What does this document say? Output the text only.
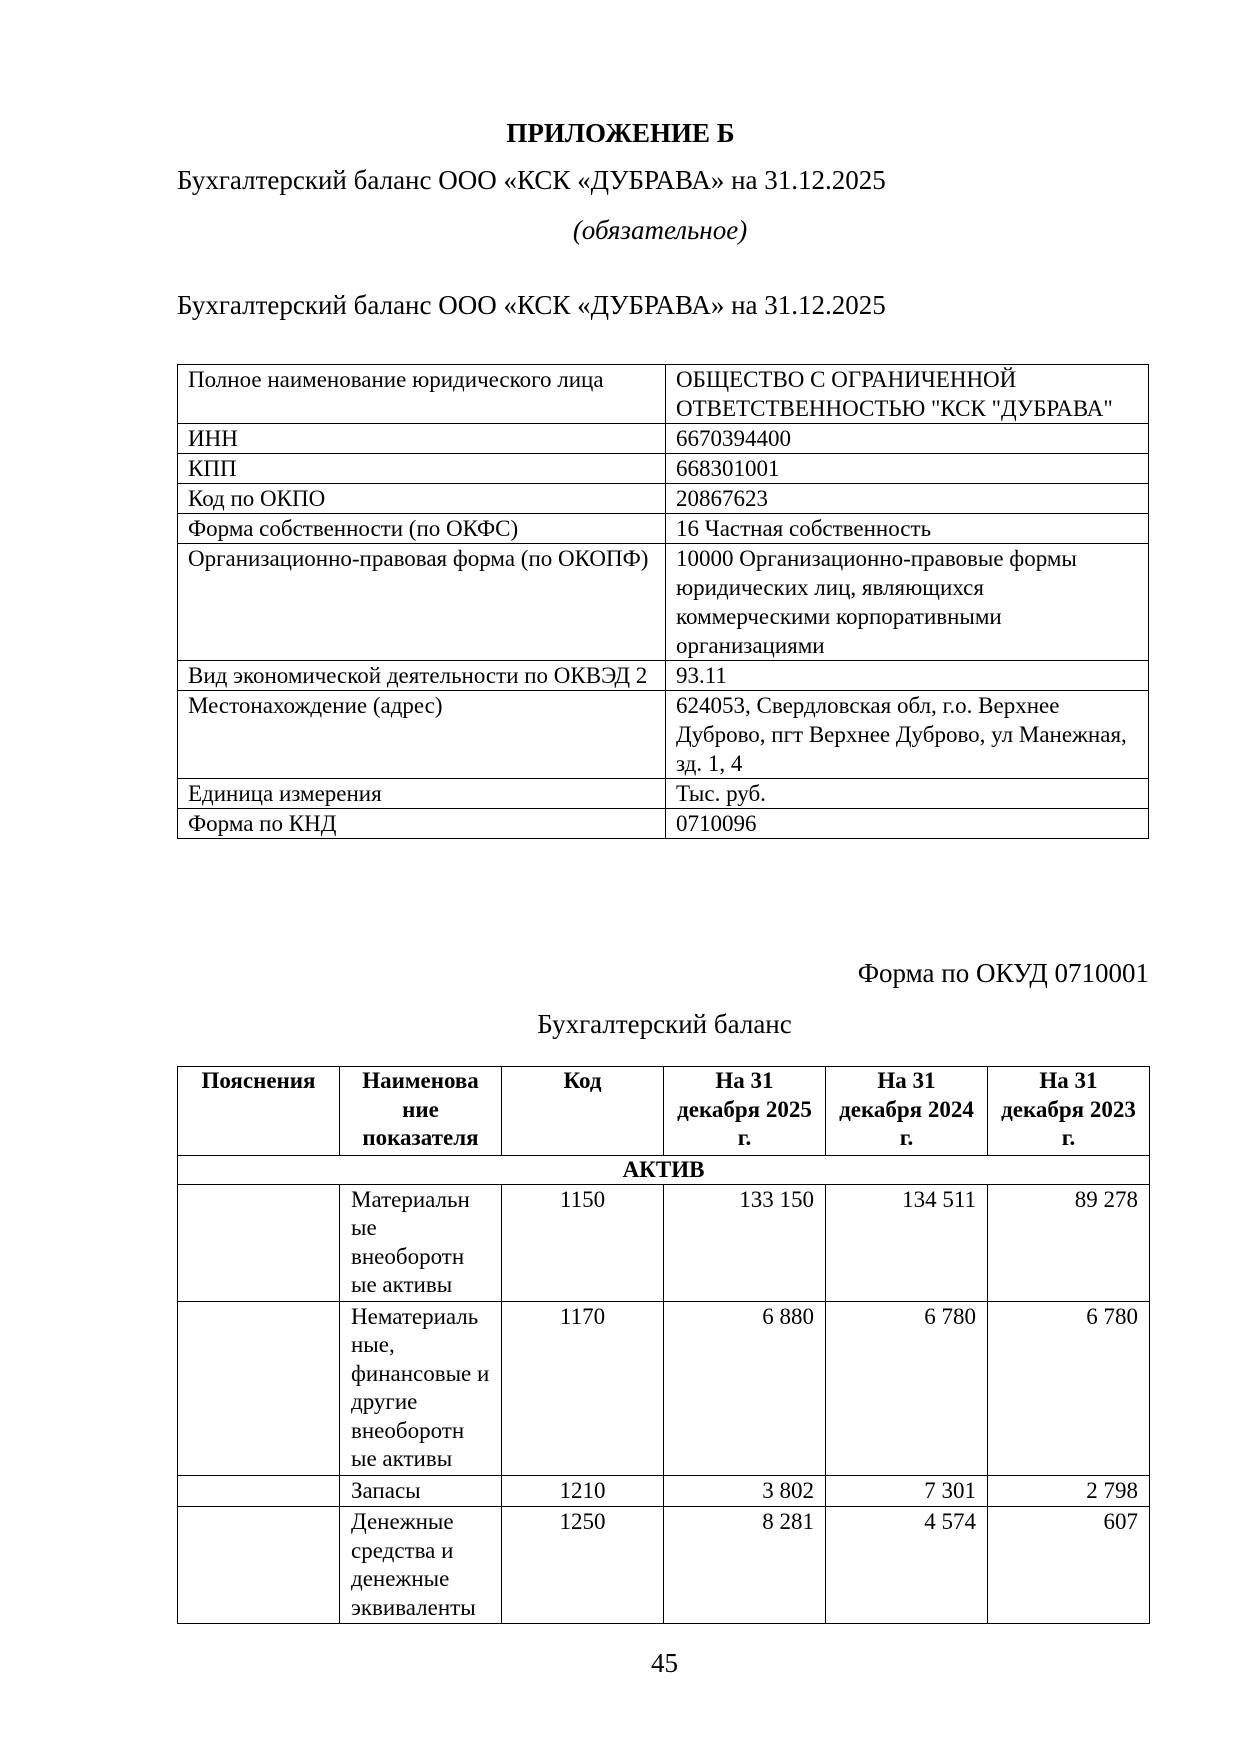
ПРИЛОЖЕНИЕ Б

Бухгалтерский баланс ООО «КСК «ДУБРАВА» на 31.12.2025

(обязательное)

Бухгалтерский баланс ООО «КСК «ДУБРАВА» на 31.12.2025

Полное наименование юридического лица	ОБЩЕСТВО С ОГРАНИЧЕННОЙ ОТВЕТСТВЕННОСТЬЮ "КСК "ДУБРАВА"
ИНН	6670394400
КПП	668301001
Код по ОКПО	20867623
Форма собственности (по ОКФС)	16 Частная собственность
Организационно-правовая форма (по ОКОПФ)	10000 Организационно-правовые формы юридических лиц, являющихся коммерческими корпоративными организациями
Вид экономической деятельности по ОКВЭД 2	93.11
Местонахождение (адрес)	624053, Свердловская обл, г.о. Верхнее Дуброво, пгт Верхнее Дуброво, ул Манежная, зд. 1, 4
Единица измерения	Тыс. руб.
Форма по КНД	0710096

Форма по ОКУД 0710001

Бухгалтерский баланс

Пояснения	Наименова ние показателя	Код	На 31 декабря 2025 г.	На 31 декабря 2024 г.	На 31 декабря 2023 г.
АКТИВ					
	Материальн ые внеоборотн ые активы	1150	133 150	134 511	89 278
	Нематериаль ные, финансовые и другие внеоборотн ые активы	1170	6 880	6 780	6 780
	Запасы	1210	3 802	7 301	2 798
	Денежные средства и денежные эквиваленты	1250	8 281	4 574	607

45
